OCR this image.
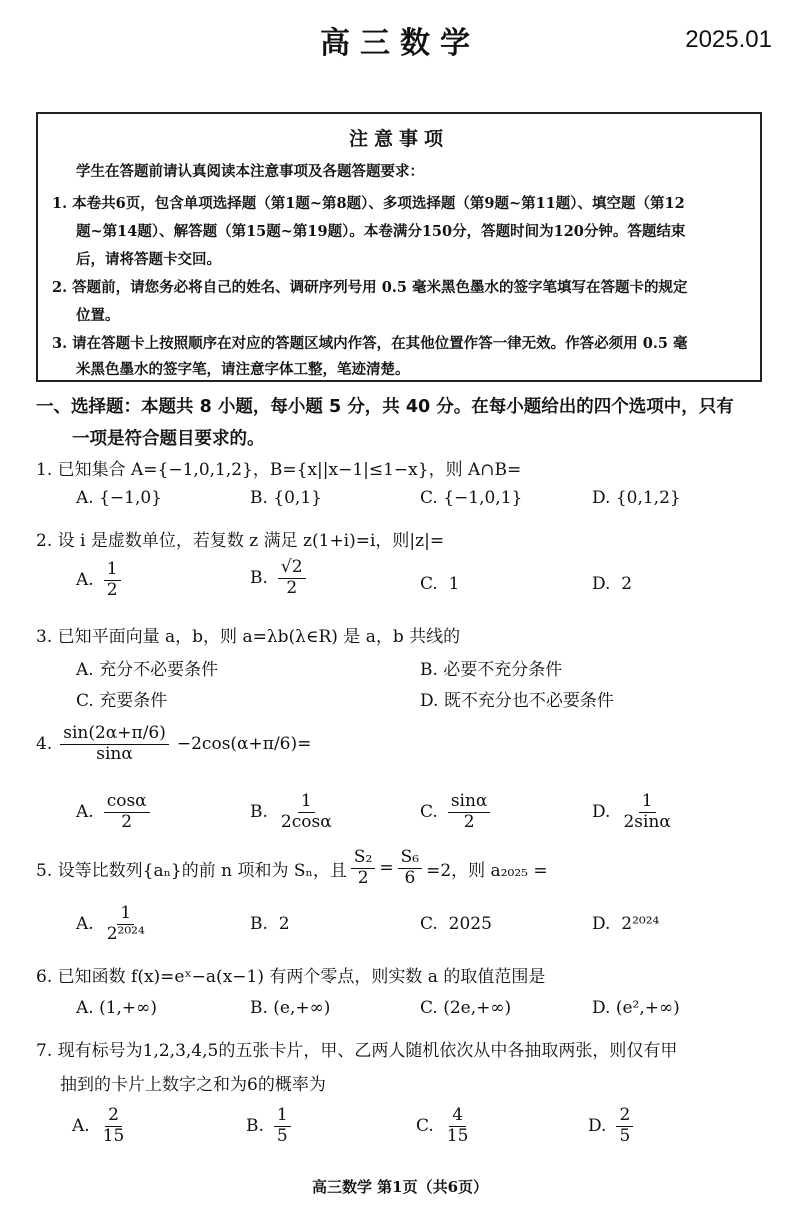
高三数学	2025.01
注意事项
学生在答题前请认真阅读本注意事项及各题答题要求：
1. 本卷共6页，包含单项选择题（第1题~第8题）、多项选择题（第9题~第11题）、填空题（第12
题~第14题）、解答题（第15题~第19题）。本卷满分150分，答题时间为120分钟。答题结束
后，请将答题卡交回。
2. 答题前，请您务必将自己的姓名、调研序列号用 0.5 毫米黑色墨水的签字笔填写在答题卡的规定
位置。
3. 请在答题卡上按照顺序在对应的答题区域内作答，在其他位置作答一律无效。作答必须用 0.5 毫
米黑色墨水的签字笔，请注意字体工整，笔迹清楚。
一、选择题：本题共 8 小题，每小题 5 分，共 40 分。在每小题给出的四个选项中，只有
一项是符合题目要求的。
1. 已知集合 A={−1,0,1,2}，B={x||x−1|≤1−x}，则 A∩B=
A. {−1,0}	B. {0,1}	C. {−1,0,1}	D. {0,1,2}
2. 设 i 是虚数单位，若复数 z 满足 z(1+i)=i，则|z|=
A. $\frac{1}{2}$	B. $\frac{√2}{2}$	C. 1	D. 2
3. 已知平面向量 a，b，则 a=λb(λ∈R) 是 a，b 共线的
A. 充分不必要条件	B. 必要不充分条件
C. 充要条件	D. 既不充分也不必要条件
4. $\frac{\sin(2\alpha+\pi/6)}{\sin\alpha} -2\cos(\alpha+\pi/6)=$
A. $\frac{\cos\alpha}{2}$	B. $\frac{1}{2\cos\alpha}$	C. $\frac{\sin\alpha}{2}$	D. $\frac{1}{2\sin\alpha}$
5. 设等比数列{aₙ}的前 n 项和为 Sₙ，且 $\frac{\text{S₂}}{2} = \frac{\text{S₆}}{6} =2$，则 a₂₀₂₅ =
A. $\frac{1}{\text{2²⁰²⁴}}$	B. 2	C. 2025	D. 2²⁰²⁴
6. 已知函数 f(x)=eˣ−a(x−1) 有两个零点，则实数 a 的取值范围是
A. (1,+∞)	B. (e,+∞)	C. (2e,+∞)	D. (e²,+∞)
7. 现有标号为1,2,3,4,5的五张卡片，甲、乙两人随机依次从中各抽取两张，则仅有甲
抽到的卡片上数字之和为6的概率为
A. $\frac{2}{15}$	B. $\frac{1}{5}$	C. $\frac{4}{15}$	D. $\frac{2}{5}$
高三数学 第1页（共6页）
